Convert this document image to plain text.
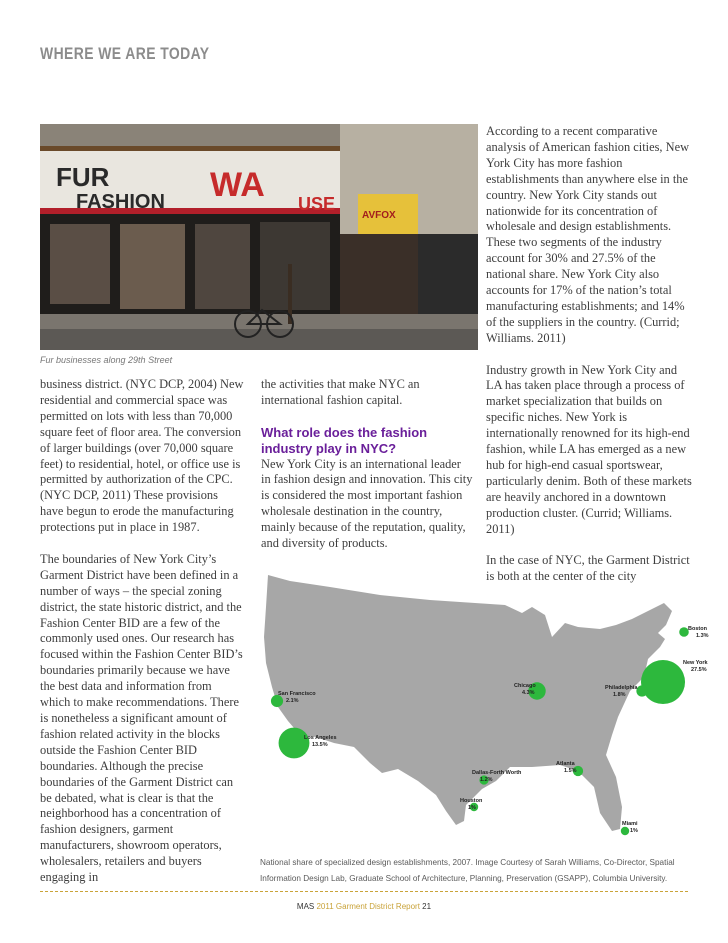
WHERE WE ARE TODAY
FUR
FASHION WA USE
AVFOX
Fur businesses along 29th Street

business district. (NYC DCP, 2004) New residential and commercial space was permitted on lots with less than 70,000 square feet of floor area. The conversion of larger buildings (over 70,000 square feet) to residential, hotel, or office use is permitted by authorization of the CPC. (NYC DCP, 2011) These provisions have begun to erode the manufacturing protections put in place in 1987.

The boundaries of New York City’s Garment District have been defined in a number of ways – the special zoning district, the state historic district, and the Fashion Center BID are a few of the commonly used ones. Our research has focused within the Fashion Center BID’s boundaries primarily because we have the best data and information from which to make recommendations. There is nonetheless a significant amount of fashion related activity in the blocks outside the Fashion Center BID boundaries. Although the precise boundaries of the Garment District can be debated, what is clear is that the neighborhood has a concentration of fashion designers, garment manufacturers, showroom operators, wholesalers, retailers and buyers engaging in

the activities that make NYC an international fashion capital.

What role does the fashion industry play in NYC?

New York City is an international leader in fashion design and innovation. This city is considered the most important fashion wholesale destination in the country, mainly because of the reputation, quality, and diversity of products.

According to a recent comparative analysis of American fashion cities, New York City has more fashion establishments than anywhere else in the country. New York City stands out nationwide for its concentration of wholesale and design establishments. These two segments of the industry account for 30% and 27.5% of the national share. New York City also accounts for 17% of the nation’s total manufacturing establishments; and 14% of the suppliers in the country. (Currid; Williams. 2011)

Industry growth in New York City and LA has taken place through a process of market specialization that builds on specific niches. New York is internationally renowned for its high-end fashion, while LA has emerged as a new hub for high-end casual sportswear, particularly denim. Both of these markets are heavily anchored in a downtown production cluster. (Currid; Williams. 2011)

In the case of NYC, the Garment District is both at the center of the city

New York
27.5%
Boston
1.3%
Philadelphia
1.8%
Chicago
4.3%
San Francisco
2.1%
Los Angeles
13.5%
Dallas-Forth Worth
1.2%
Atlanta
1.5%
Houston
1%
Miami
1%
National share of specialized design establishments, 2007. Image Courtesy of Sarah Williams, Co-Director, Spatial Information Design Lab, Graduate School of Architecture, Planning, Preservation (GSAPP), Columbia University.
MAS 2011 Garment District Report 21
